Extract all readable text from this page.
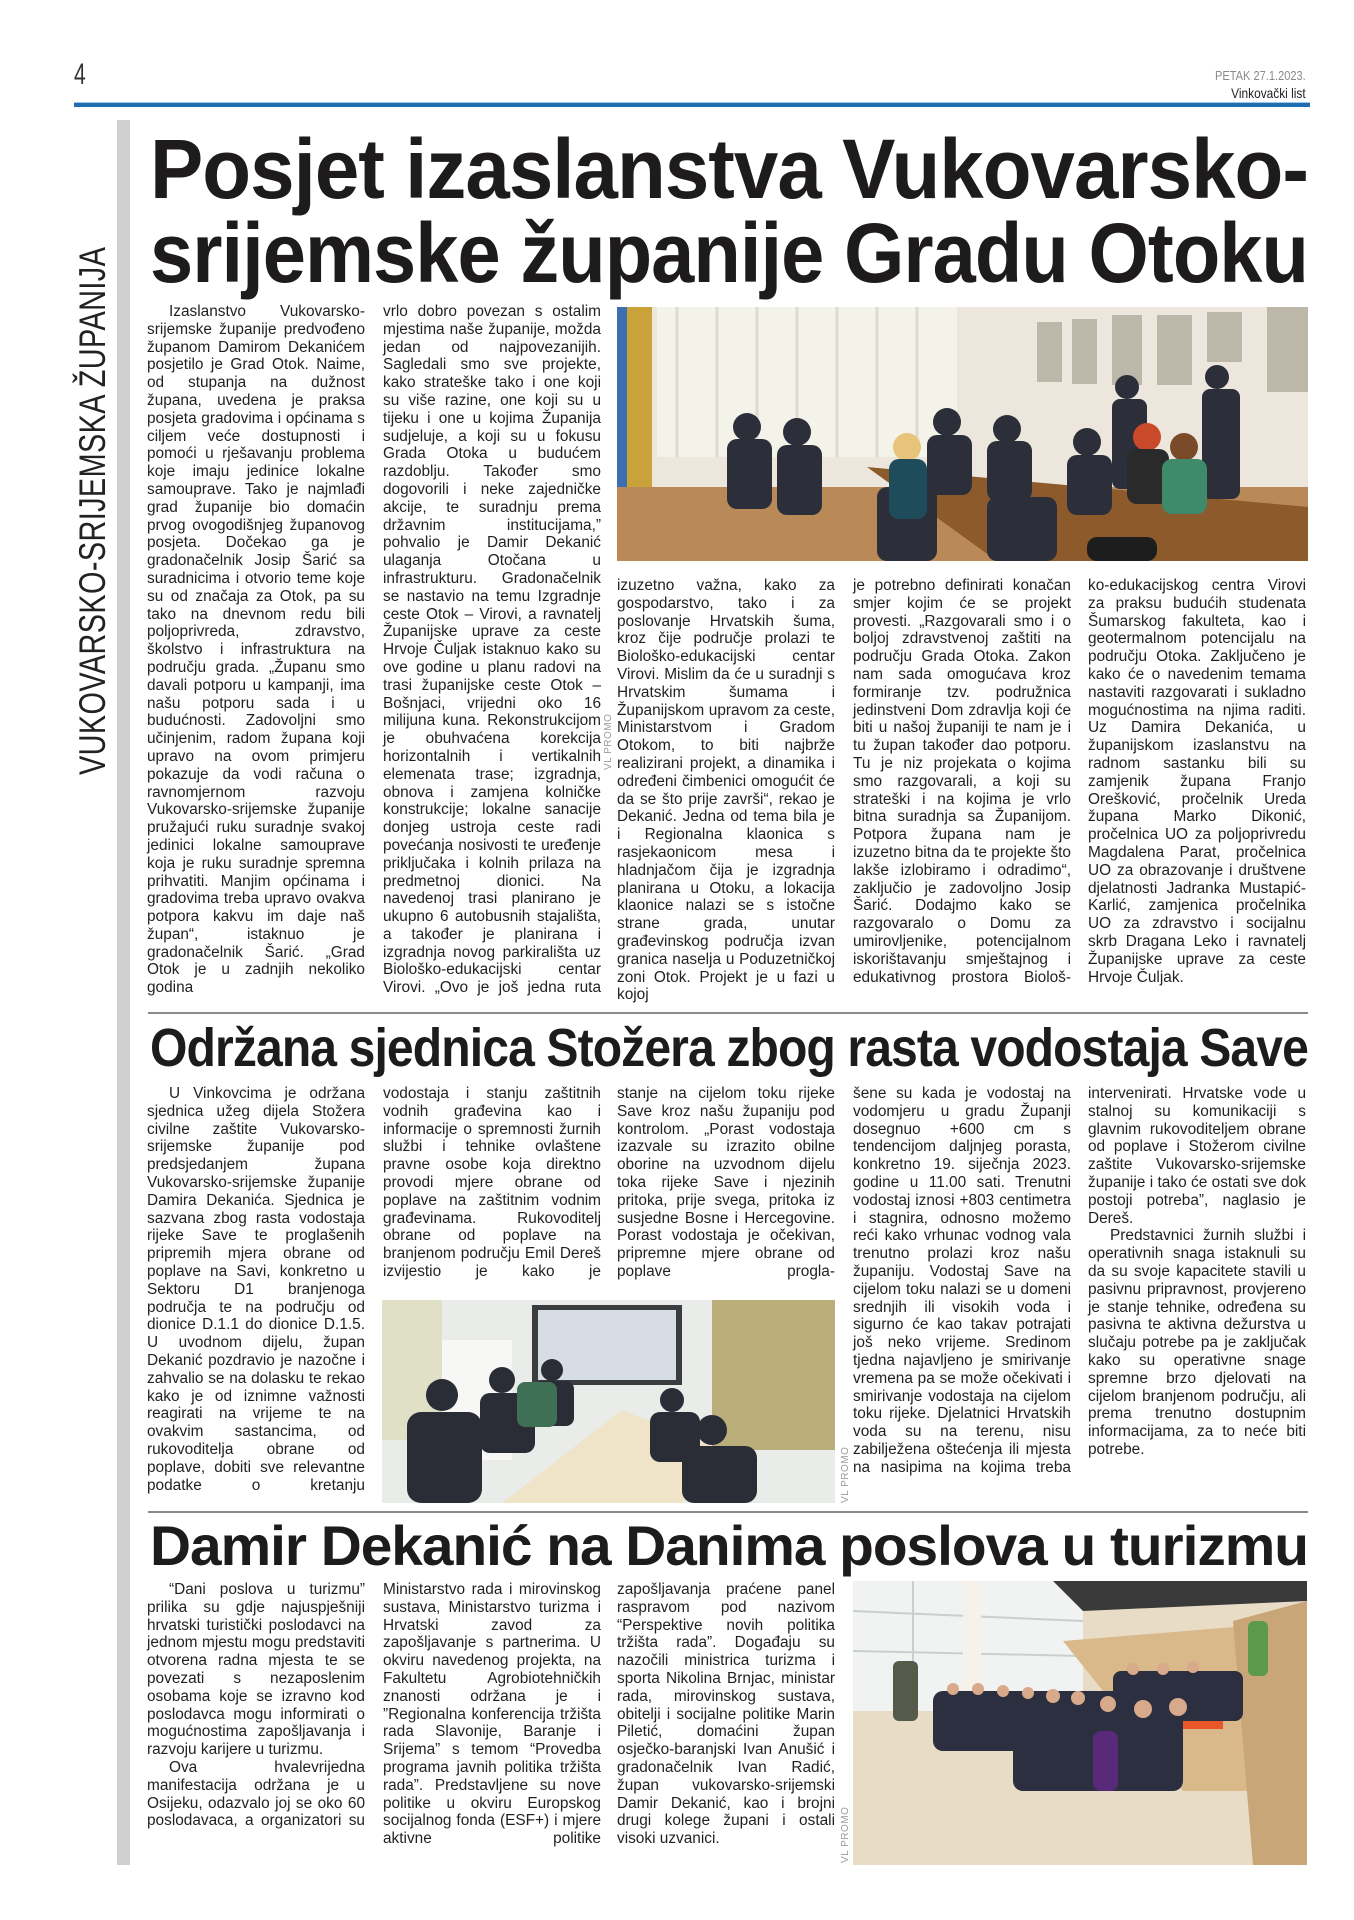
4	PETAK 27.1.2023.
Vinkovački list
VUKOVARSKO-SRIJEMSKA ŽUPANIJA
Posjet izaslanstva Vukovarsko-
srijemske županije Gradu Otoku

Izaslanstvo Vukovarsko-srijemske županije predvođeno županom Damirom Dekanićem posjetilo je Grad Otok. Naime, od stupanja na dužnost župana, uvedena je praksa posjeta gradovima i općinama s ciljem veće dostupnosti i pomoći u rješavanju problema koje imaju jedinice lokalne samouprave. Tako je najmlađi grad županije bio domaćin prvog ovogodišnjeg županovog posjeta. Dočekao ga je gradonačelnik Josip Šarić sa suradnicima i otvorio teme koje su od značaja za Otok, pa su tako na dnevnom redu bili poljoprivreda, zdravstvo, školstvo i infrastruktura na području grada. „Županu smo davali potporu u kampanji, ima našu potporu sada i u budućnosti. Zadovoljni smo učinjenim, radom župana koji upravo na ovom primjeru pokazuje da vodi računa o ravnomjernom razvoju Vukovarsko-srijemske županije pružajući ruku suradnje svakoj jedinici lokalne samouprave koja je ruku suradnje spremna prihvatiti. Manjim općinama i gradovima treba upravo ovakva potpora kakvu im daje naš župan“, istaknuo je gradonačelnik Šarić. „Grad Otok je u zadnjih nekoliko godina

vrlo dobro povezan s ostalim mjestima naše županije, možda jedan od najpovezanijih. Sagledali smo sve projekte, kako strateške tako i one koji su više razine, one koji su u tijeku i one u kojima Županija sudjeluje, a koji su u fokusu Grada Otoka u budućem razdoblju. Također smo dogovorili i neke zajedničke akcije, te suradnju prema državnim institucijama,” pohvalio je Damir Dekanić ulaganja Otočana u infrastrukturu. Gradonačelnik se nastavio na temu Izgradnje ceste Otok – Virovi, a ravnatelj Županijske uprave za ceste Hrvoje Čuljak istaknuo kako su ove godine u planu radovi na trasi županijske ceste Otok – Bošnjaci, vrijedni oko 16 milijuna kuna. Rekonstrukcijom je obuhvaćena korekcija horizontalnih i vertikalnih elemenata trase; izgradnja, obnova i zamjena kolničke konstrukcije; lokalne sanacije donjeg ustroja ceste radi povećanja nosivosti te uređenje priključaka i kolnih prilaza na predmetnoj dionici. Na navedenoj trasi planirano je ukupno 6 autobusnih stajališta, a također je planirana i izgradnja novog parkirališta uz Biološko-edukacijski centar Virovi. „Ovo je još jedna ruta

VL PROMO

izuzetno važna, kako za gospodarstvo, tako i za poslovanje Hrvatskih šuma, kroz čije područje prolazi te Biološko-edukacijski centar Virovi. Mislim da će u suradnji s Hrvatskim šumama i Županijskom upravom za ceste, Ministarstvom i Gradom Otokom, to biti najbrže realizirani projekt, a dinamika i određeni čimbenici omogućit će da se što prije završi“, rekao je Dekanić. Jedna od tema bila je i Regionalna klaonica s rasjekaonicom mesa i hladnjačom čija je izgradnja planirana u Otoku, a lokacija klaonice nalazi se s istočne strane grada, unutar građevinskog područja izvan granica naselja u Poduzetničkoj zoni Otok. Projekt je u fazi u kojoj

je potrebno definirati konačan smjer kojim će se projekt provesti. „Razgovarali smo i o boljoj zdravstvenoj zaštiti na području Grada Otoka. Zakon nam sada omogućava kroz formiranje tzv. podružnica jedinstveni Dom zdravlja koji će biti u našoj županiji te nam je i tu župan također dao potporu. Tu je niz projekata o kojima smo razgovarali, a koji su strateški i na kojima je vrlo bitna suradnja sa Županijom. Potpora župana nam je izuzetno bitna da te projekte što lakše izlobiramo i odradimo“, zaključio je zadovoljno Josip Šarić. Dodajmo kako se razgovaralo o Domu za umirovljenike, potencijalnom iskorištavanju smještajnog i edukativnog prostora Biološ-

ko-edukacijskog centra Virovi za praksu budućih studenata Šumarskog fakulteta, kao i geotermalnom potencijalu na području Otoka. Zaključeno je kako će o navedenim temama nastaviti razgovarati i sukladno mogućnostima na njima raditi. Uz Damira Dekanića, u županijskom izaslanstvu na radnom sastanku bili su zamjenik župana Franjo Orešković, pročelnik Ureda župana Marko Dikonić, pročelnica UO za poljoprivredu Magdalena Parat, pročelnica UO za obrazovanje i društvene djelatnosti Jadranka Mustapić-Karlić, zamjenica pročelnika UO za zdravstvo i socijalnu skrb Dragana Leko i ravnatelj Županijske uprave za ceste Hrvoje Čuljak.

Održana sjednica Stožera zbog rasta vodostaja Save

U Vinkovcima je održana sjednica užeg dijela Stožera civilne zaštite Vukovarsko-srijemske županije pod predsjedanjem župana Vukovarsko-srijemske županije Damira Dekanića. Sjednica je sazvana zbog rasta vodostaja rijeke Save te proglašenih pripremih mjera obrane od poplave na Savi, konkretno u Sektoru D1 branjenoga područja te na području od dionice D.1.1 do dionice D.1.5. U uvodnom dijelu, župan Dekanić pozdravio je nazočne i zahvalio se na dolasku te rekao kako je od iznimne važnosti reagirati na vrijeme te na ovakvim sastancima, od rukovoditelja obrane od poplave, dobiti sve relevantne podatke o kretanju

vodostaja i stanju zaštitnih vodnih građevina kao i informacije o spremnosti žurnih službi i tehnike ovlaštene pravne osobe koja direktno provodi mjere obrane od poplave na zaštitnim vodnim građevinama. Rukovoditelj obrane od poplave na branjenom području Emil Dereš izvijestio je kako je

stanje na cijelom toku rijeke Save kroz našu županiju pod kontrolom. „Porast vodostaja izazvale su izrazito obilne oborine na uzvodnom dijelu toka rijeke Save i njezinih pritoka, prije svega, pritoka iz susjedne Bosne i Hercegovine. Porast vodostaja je očekivan, pripremne mjere obrane od poplave progla-

VL PROMO

šene su kada je vodostaj na vodomjeru u gradu Županji dosegnuo +600 cm s tendencijom daljnjeg porasta, konkretno 19. siječnja 2023. godine u 11.00 sati. Trenutni vodostaj iznosi +803 centimetra i stagnira, odnosno možemo reći kako vrhunac vodnog vala trenutno prolazi kroz našu županiju. Vodostaj Save na cijelom toku nalazi se u domeni srednjih ili visokih voda i sigurno će kao takav potrajati još neko vrijeme. Sredinom tjedna najavljeno je smirivanje vremena pa se može očekivati i smirivanje vodostaja na cijelom toku rijeke. Djelatnici Hrvatskih voda su na terenu, nisu zabilježena oštećenja ili mjesta na nasipima na kojima treba

intervenirati. Hrvatske vode u stalnoj su komunikaciji s glavnim rukovoditeljem obrane od poplave i Stožerom civilne zaštite Vukovarsko-srijemske županije i tako će ostati sve dok postoji potreba”, naglasio je Dereš.

Predstavnici žurnih službi i operativnih snaga istaknuli su da su svoje kapacitete stavili u pasivnu pripravnost, provjereno je stanje tehnike, određena su pasivna te aktivna dežurstva u slučaju potrebe pa je zaključak kako su operativne snage spremne brzo djelovati na cijelom branjenom području, ali prema trenutno dostupnim informacijama, za to neće biti potrebe.

Damir Dekanić na Danima poslova u turizmu

“Dani poslova u turizmu” prilika su gdje najuspješniji hrvatski turistički poslodavci na jednom mjestu mogu predstaviti otvorena radna mjesta te se povezati s nezaposlenim osobama koje se izravno kod poslodavca mogu informirati o mogućnostima zapošljavanja i razvoju karijere u turizmu.

Ova hvalevrijedna manifestacija održana je u Osijeku, odazvalo joj se oko 60 poslodavaca, a organizatori su

Ministarstvo rada i mirovinskog sustava, Ministarstvo turizma i Hrvatski zavod za zapošljavanje s partnerima. U okviru navedenog projekta, na Fakultetu Agrobiotehničkih znanosti održana je i ”Regionalna konferencija tržišta rada Slavonije, Baranje i Srijema” s temom “Provedba programa javnih politika tržišta rada”. Predstavljene su nove politike u okviru Europskog socijalnog fonda (ESF+) i mjere aktivne politike

zapošljavanja praćene panel raspravom pod nazivom “Perspektive novih politika tržišta rada”. Događaju su nazočili ministrica turizma i sporta Nikolina Brnjac, ministar rada, mirovinskog sustava, obitelji i socijalne politike Marin Piletić, domaćini župan osječko-baranjski Ivan Anušić i gradonačelnik Ivan Radić, župan vukovarsko-srijemski Damir Dekanić, kao i brojni drugi kolege župani i ostali visoki uzvanici.	VL PROMO
